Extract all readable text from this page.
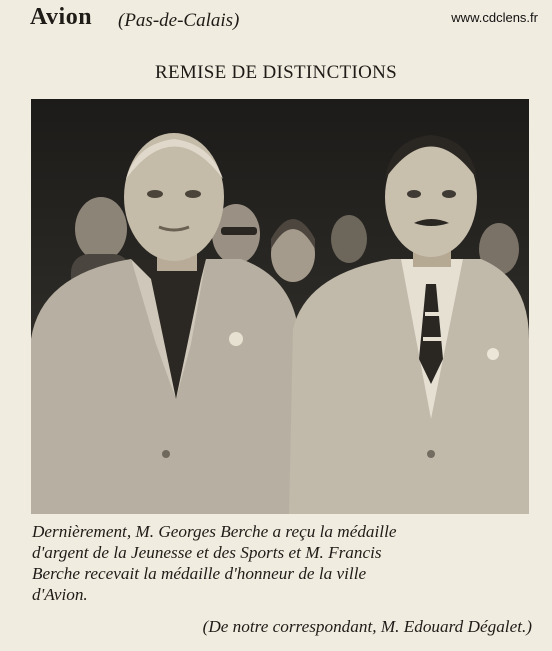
Avion (Pas-de-Calais)	www.cdclens.fr
REMISE DE DISTINCTIONS
Dernièrement, M. Georges Berche a reçu la médaille
d'argent de la Jeunesse et des Sports et M. Francis
Berche recevait la médaille d'honneur de la ville
d'Avion.
(De notre correspondant, M. Edouard Dégalet.)
